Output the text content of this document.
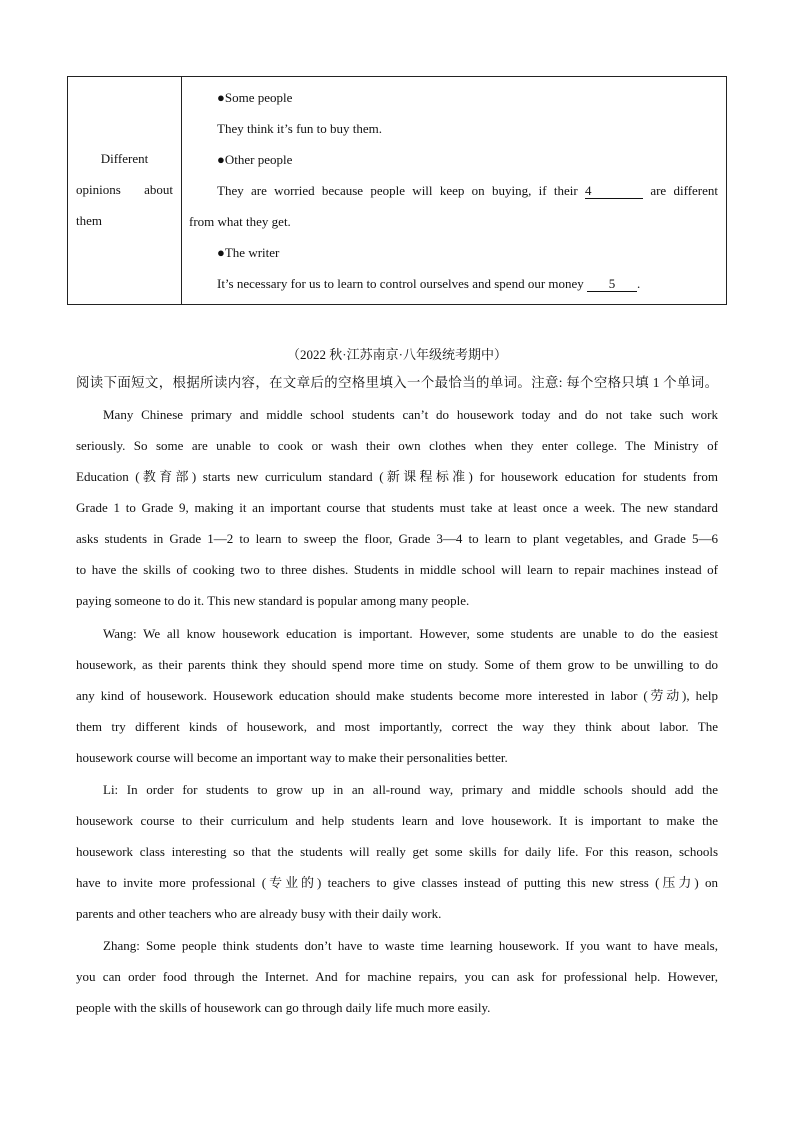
Different
opinions about
them
●Some people
They think it’s fun to buy them.
●Other people
They are worried because people will keep on buying, if their 4	are different
from what they get.
●The writer
It’s necessary for us to learn to control ourselves and spend our money 5 .
（2022 秋·江苏南京·八年级统考期中）
阅读下面短文，根据所读内容，在文章后的空格里填入一个最恰当的单词。注意: 每个空格只填 1 个单词。
Many Chinese primary and middle school students can’t do housework today and do not take such work
seriously. So some are unable to cook or wash their own clothes when they enter college. The Ministry of
Education (教育部) starts new curriculum standard (新课程标准) for housework education for students from
Grade 1 to Grade 9, making it an important course that students must take at least once a week. The new standard
asks students in Grade 1—2 to learn to sweep the floor, Grade 3—4 to learn to plant vegetables, and Grade 5—6
to have the skills of cooking two to three dishes. Students in middle school will learn to repair machines instead of
paying someone to do it. This new standard is popular among many people.
Wang: We all know housework education is important. However, some students are unable to do the easiest
housework, as their parents think they should spend more time on study. Some of them grow to be unwilling to do
any kind of housework. Housework education should make students become more interested in labor (劳动), help
them try different kinds of housework, and most importantly, correct the way they think about labor. The
housework course will become an important way to make their personalities better.
Li: In order for students to grow up in an all-round way, primary and middle schools should add the
housework course to their curriculum and help students learn and love housework. It is important to make the
housework class interesting so that the students will really get some skills for daily life. For this reason, schools
have to invite more professional (专业的) teachers to give classes instead of putting this new stress (压力) on
parents and other teachers who are already busy with their daily work.
Zhang: Some people think students don’t have to waste time learning housework. If you want to have meals,
you can order food through the Internet. And for machine repairs, you can ask for professional help. However,
people with the skills of housework can go through daily life much more easily.
